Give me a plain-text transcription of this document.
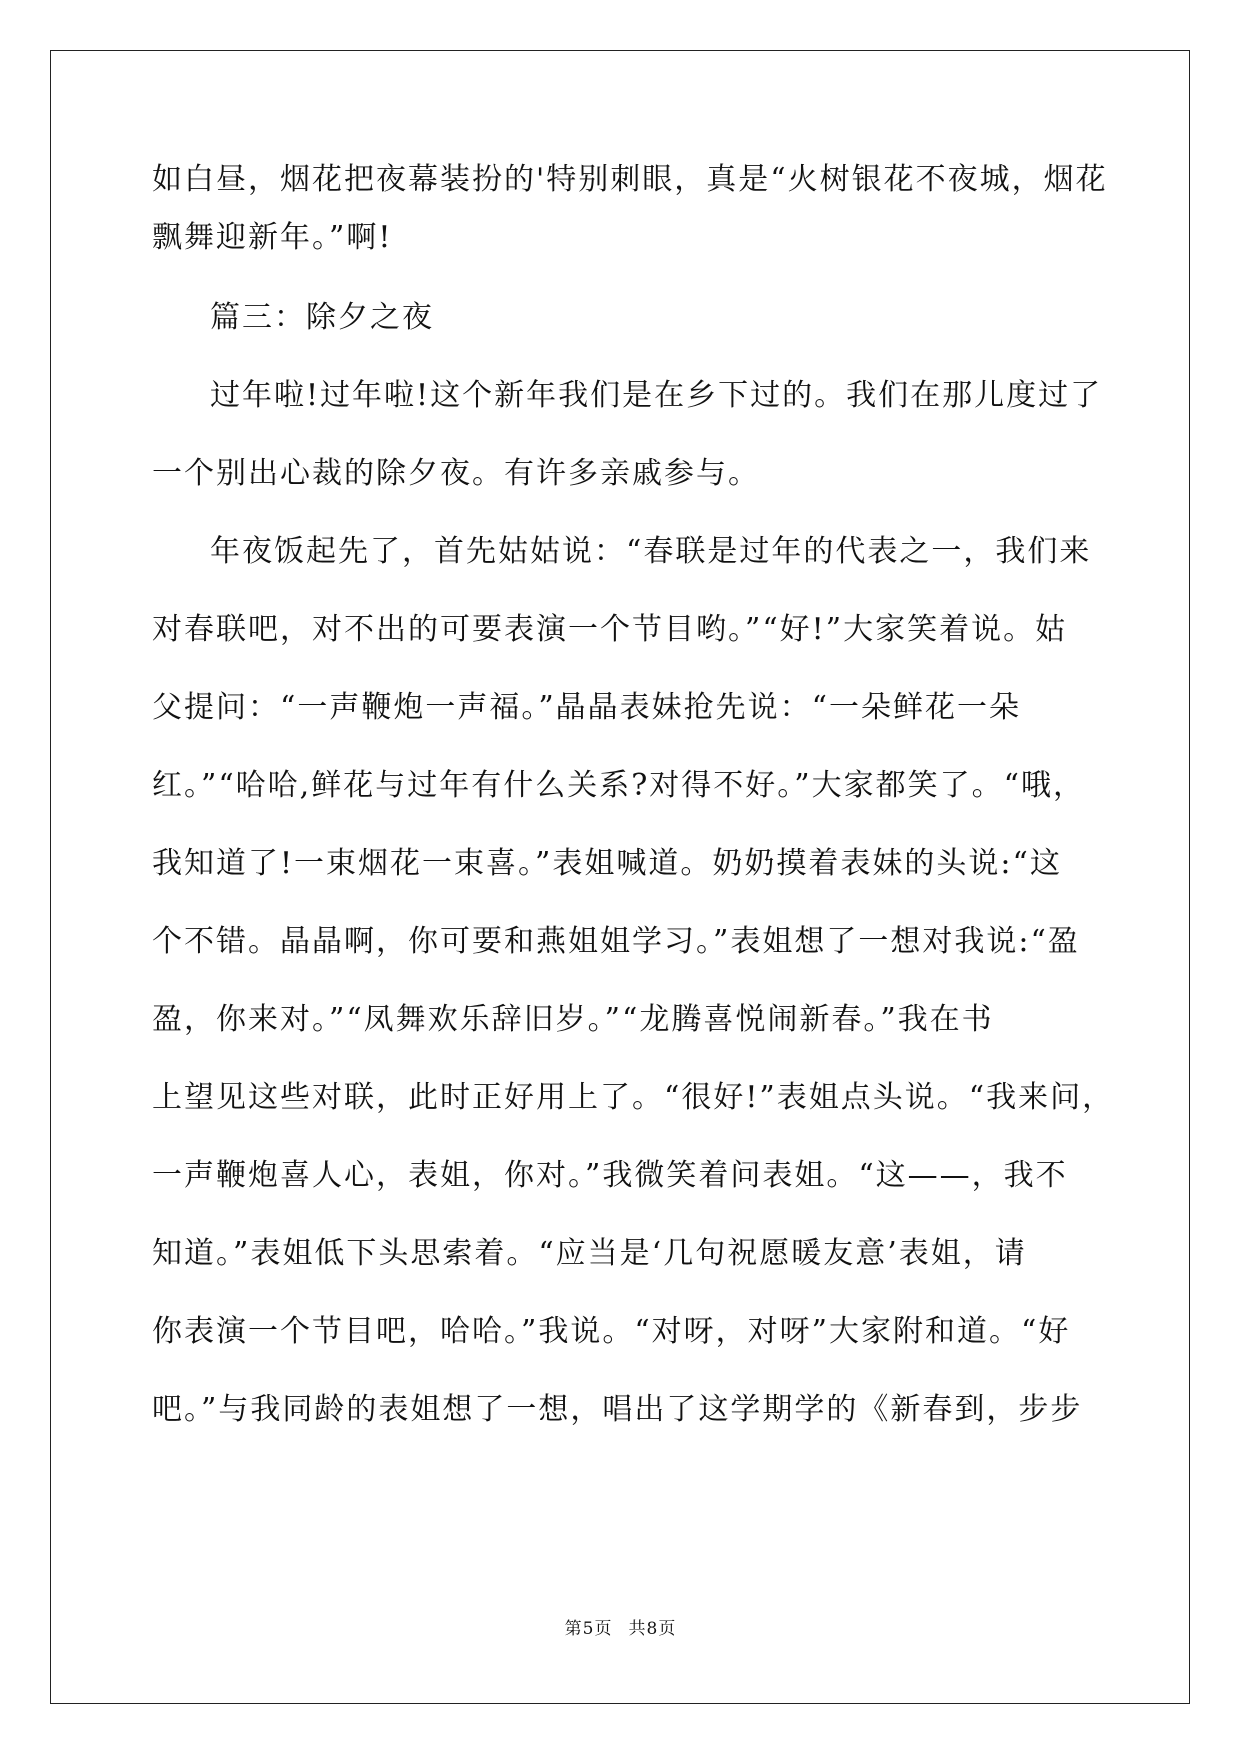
如白昼，烟花把夜幕装扮的'特别刺眼，真是“火树银花不夜城，烟花
飘舞迎新年。”啊!
篇三：除夕之夜
过年啦!过年啦!这个新年我们是在乡下过的。我们在那儿度过了
一个别出心裁的除夕夜。有许多亲戚参与。
年夜饭起先了，首先姑姑说：“春联是过年的代表之一，我们来
对春联吧，对不出的可要表演一个节目哟。”“好!”大家笑着说。姑
父提问：“一声鞭炮一声福。”晶晶表妹抢先说：“一朵鲜花一朵
红。”“哈哈,鲜花与过年有什么关系?对得不好。”大家都笑了。“哦，
我知道了!一束烟花一束喜。”表姐喊道。奶奶摸着表妹的头说:“这
个不错。晶晶啊，你可要和燕姐姐学习。”表姐想了一想对我说:“盈
盈，你来对。”“凤舞欢乐辞旧岁。”“龙腾喜悦闹新春。”我在书
上望见这些对联，此时正好用上了。“很好!”表姐点头说。“我来问，
一声鞭炮喜人心，表姐，你对。”我微笑着问表姐。“这——，我不
知道。”表姐低下头思索着。“应当是‘几句祝愿暖友意’表姐，请
你表演一个节目吧，哈哈。”我说。“对呀，对呀”大家附和道。“好
吧。”与我同龄的表姐想了一想，唱出了这学期学的《新春到，步步
第5页 共8页
